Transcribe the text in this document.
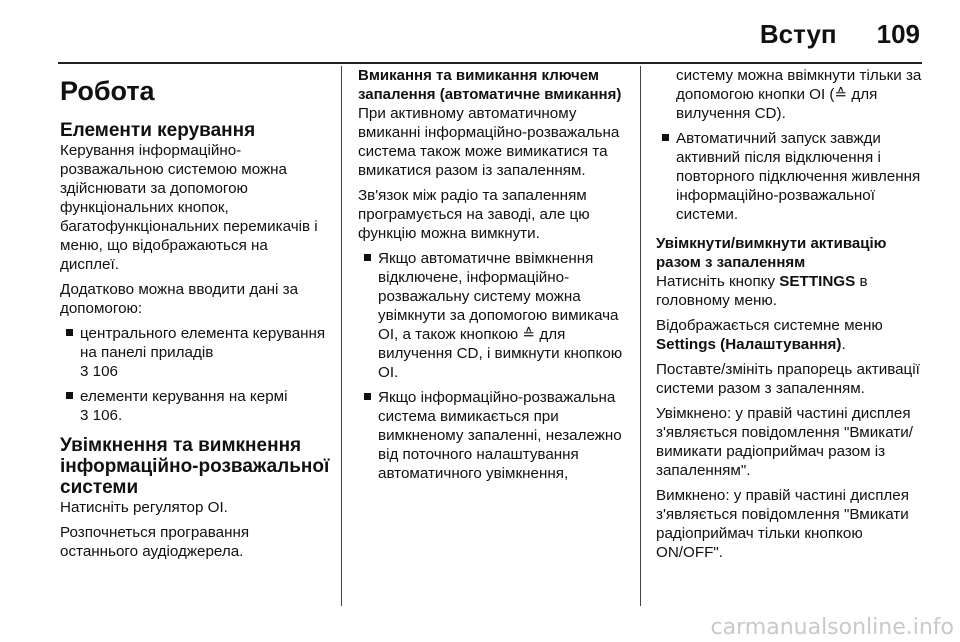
Вступ 109
Робота
Елементи керування

Керування інформаційно-розважальною системою можна здійснювати за допомогою функціональних кнопок, багатофункціональних перемикачів і меню, що відображаються на дисплеї.

Додатково можна вводити дані за допомогою:

центрального елемента керування на панелі приладів
3 106
елементи керування на кермі
3 106.
Увімкнення та вимкнення інформаційно-розважальної системи

Натисніть регулятор OI.

Розпочнеться програвання останнього аудіоджерела.

Вмикання та вимикання ключем запалення (автоматичне вмикання)

При активному автоматичному вмиканні інформаційно-розважальна система також може вимикатися та вмикатися разом із запаленням.

Зв'язок між радіо та запаленням програмується на заводі, але цю функцію можна вимкнути.

Якщо автоматичне ввімкнення відключене, інформаційно-розважальну систему можна увімкнути за допомогою вимикача OI, а також кнопкою ≙ для вилучення CD, і вимкнути кнопкою OI.
Якщо інформаційно-розважальна система вимикається при вимкненому запаленні, незалежно від поточного налаштування автоматичного увімкнення,

систему можна ввімкнути тільки за допомогою кнопки OI (≙ для вилучення CD).

Автоматичний запуск завжди активний після відключення і повторного підключення живлення інформаційно-розважальної системи.
Увімкнути/вимкнути активацію разом з запаленням

Натисніть кнопку SETTINGS в головному меню.

Відображається системне меню Settings (Налаштування).

Поставте/змініть прапорець активації системи разом з запаленням.

Увімкнено: у правій частині дисплея з'являється повідомлення "Вмикати/вимикати радіоприймач разом із запаленням".

Вимкнено: у правій частині дисплея з'являється повідомлення "Вмикати радіоприймач тільки кнопкою ON/OFF".

carmanualsonline.info
